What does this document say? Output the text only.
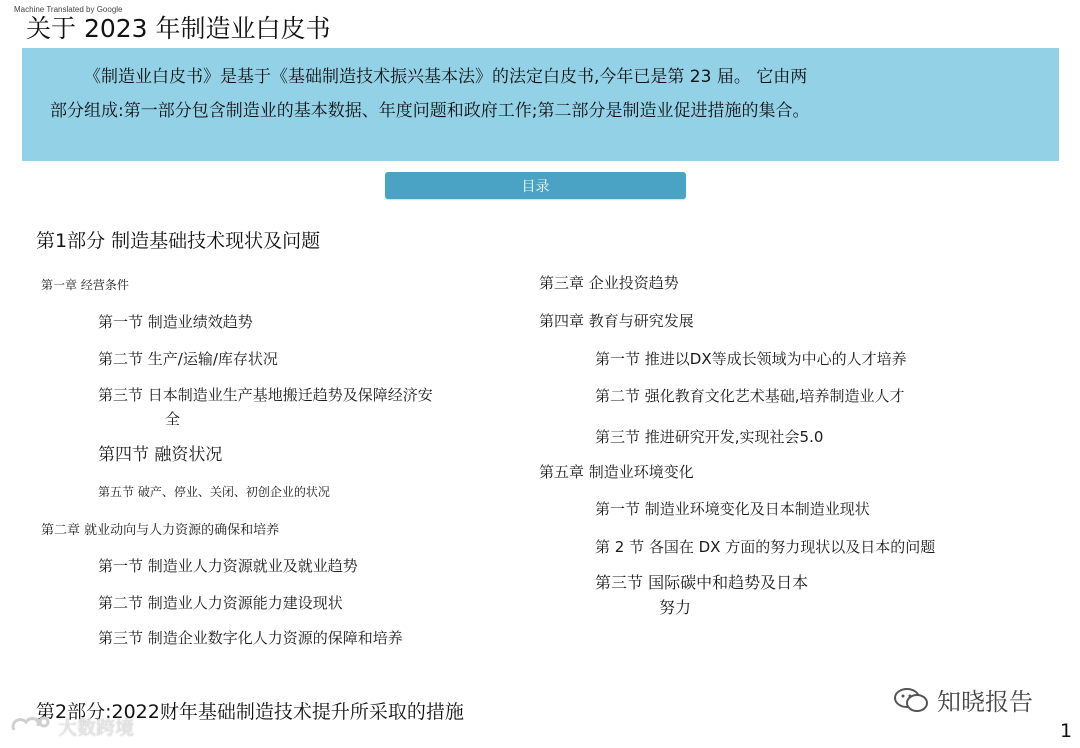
Machine Translated by Google
关于 2023 年制造业白皮书
《制造业白皮书》是基于《基础制造技术振兴基本法》的法定白皮书,今年已是第 23 届。 它由两
部分组成:第一部分包含制造业的基本数据、年度问题和政府工作;第二部分是制造业促进措施的集合。
目录
第1部分 制造基础技术现状及问题
第一章 经营条件
第一节 制造业绩效趋势
第二节 生产/运输/库存状况
第三节 日本制造业生产基地搬迁趋势及保障经济安
全
第四节 融资状况
第五节 破产、停业、关闭、初创企业的状况
第二章 就业动向与人力资源的确保和培养
第一节 制造业人力资源就业及就业趋势
第二节 制造业人力资源能力建设现状
第三节 制造企业数字化人力资源的保障和培养
第三章 企业投资趋势
第四章 教育与研究发展
第一节 推进以DX等成长领域为中心的人才培养
第二节 强化教育文化艺术基础,培养制造业人才
第三节 推进研究开发,实现社会5.0
第五章 制造业环境变化
第一节 制造业环境变化及日本制造业现状
第 2 节 各国在 DX 方面的努力现状以及日本的问题
第三节 国际碳中和趋势及日本
努力
第2部分:2022财年基础制造技术提升所采取的措施
大数跨境
知晓报告
1
